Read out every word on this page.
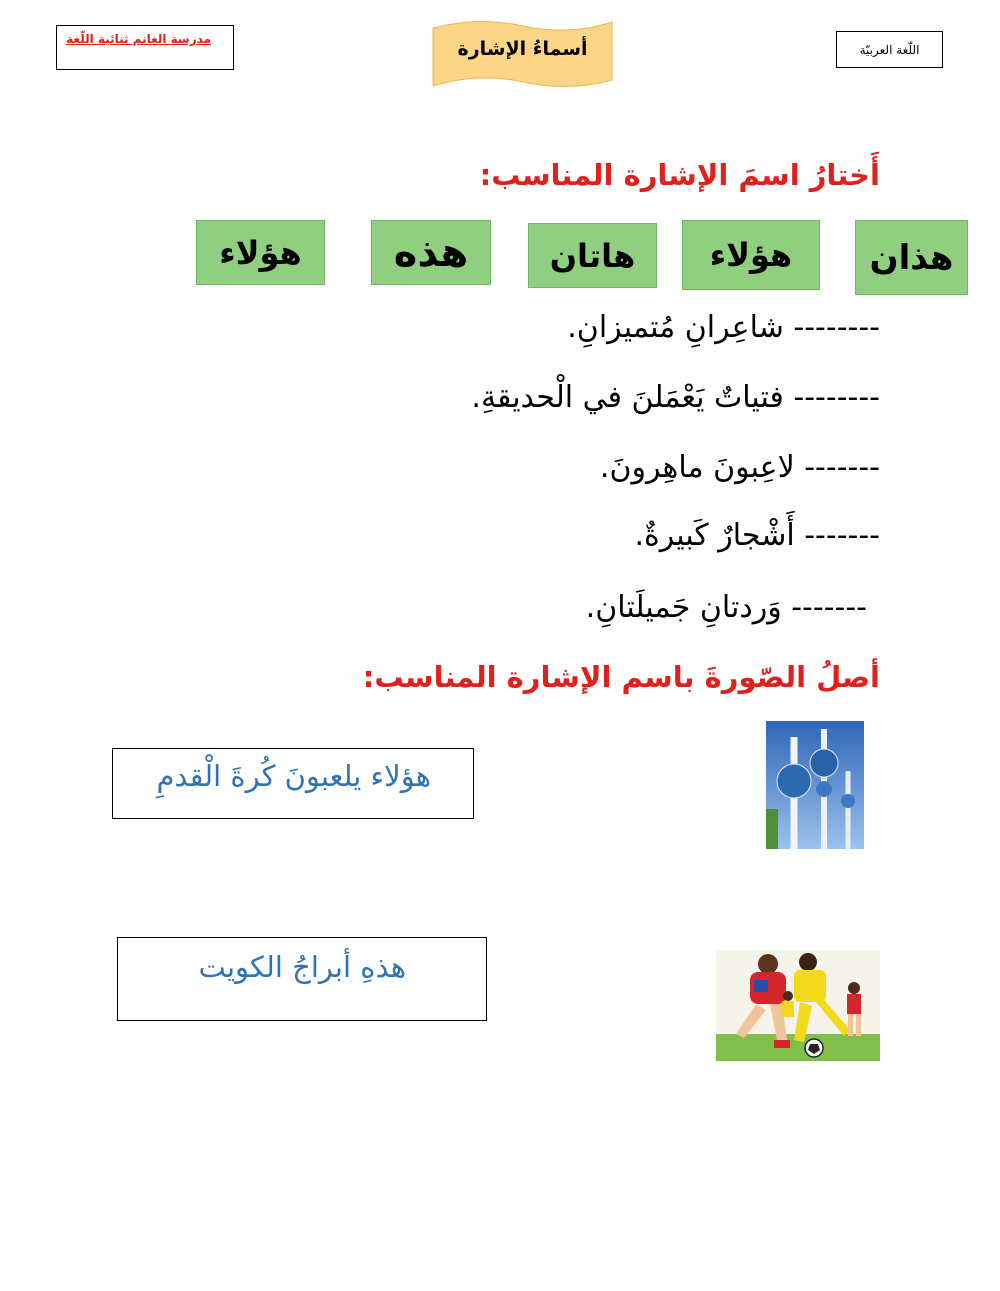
مدرسة الغانم ثنائية اللّغة	أسماءُ الإشارة	اللّغة العربيّة
أَختارُ اسمَ الإشارة المناسب:
هذان
هؤلاء
هاتان
هذه
هؤلاء
-------- شاعِرانِ مُتميزانِ.
-------- فتياتٌ يَعْمَلنَ في الْحديقةِ.
------- لاعِبونَ ماهِرونَ.
------- أَشْجارٌ كَبيرةٌ.
------- وَردتانِ جَميلَتانِ.
أصلُ الصّورةَ باسم الإشارة المناسب:
هؤلاء يلعبونَ كُرةَ الْقدمِ
هذهِ أبراجُ الكويت
